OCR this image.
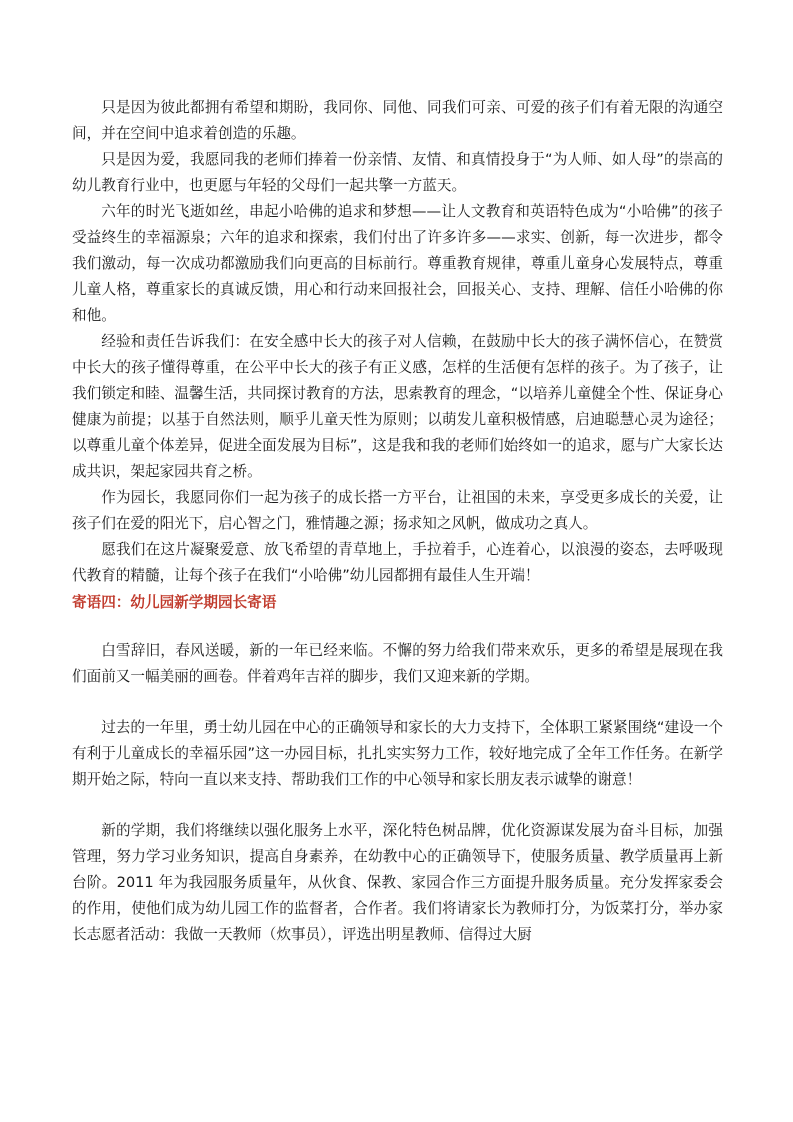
只是因为彼此都拥有希望和期盼，我同你、同他、同我们可亲、可爱的孩子们有着无限的沟通空间，并在空间中追求着创造的乐趣。

只是因为爱，我愿同我的老师们捧着一份亲情、友情、和真情投身于“为人师、如人母”的崇高的幼儿教育行业中，也更愿与年轻的父母们一起共擎一方蓝天。

六年的时光飞逝如丝，串起小哈佛的追求和梦想——让人文教育和英语特色成为“小哈佛”的孩子受益终生的幸福源泉；六年的追求和探索，我们付出了许多许多——求实、创新，每一次进步，都令我们激动，每一次成功都激励我们向更高的目标前行。尊重教育规律，尊重儿童身心发展特点，尊重儿童人格，尊重家长的真诚反馈，用心和行动来回报社会，回报关心、支持、理解、信任小哈佛的你和他。

经验和责任告诉我们：在安全感中长大的孩子对人信赖，在鼓励中长大的孩子满怀信心，在赞赏中长大的孩子懂得尊重，在公平中长大的孩子有正义感，怎样的生活便有怎样的孩子。为了孩子，让我们锁定和睦、温馨生活，共同探讨教育的方法，思索教育的理念，“以培养儿童健全个性、保证身心健康为前提；以基于自然法则，顺乎儿童天性为原则；以萌发儿童积极情感，启迪聪慧心灵为途径；以尊重儿童个体差异，促进全面发展为目标”，这是我和我的老师们始终如一的追求，愿与广大家长达成共识，架起家园共育之桥。

作为园长，我愿同你们一起为孩子的成长搭一方平台，让祖国的未来，享受更多成长的关爱，让孩子们在爱的阳光下，启心智之门，雅情趣之源；扬求知之风帆，做成功之真人。

愿我们在这片凝聚爱意、放飞希望的青草地上，手拉着手，心连着心，以浪漫的姿态，去呼吸现代教育的精髓，让每个孩子在我们“小哈佛”幼儿园都拥有最佳人生开端！

寄语四：幼儿园新学期园长寄语

白雪辞旧，春风送暖，新的一年已经来临。不懈的努力给我们带来欢乐，更多的希望是展现在我们面前又一幅美丽的画卷。伴着鸡年吉祥的脚步，我们又迎来新的学期。

过去的一年里，勇士幼儿园在中心的正确领导和家长的大力支持下，全体职工紧紧围绕“建设一个有利于儿童成长的幸福乐园”这一办园目标，扎扎实实努力工作，较好地完成了全年工作任务。在新学期开始之际，特向一直以来支持、帮助我们工作的中心领导和家长朋友表示诚挚的谢意！

新的学期，我们将继续以强化服务上水平，深化特色树品牌，优化资源谋发展为奋斗目标，加强管理，努力学习业务知识，提高自身素养，在幼教中心的正确领导下，使服务质量、教学质量再上新台阶。2011 年为我园服务质量年，从伙食、保教、家园合作三方面提升服务质量。充分发挥家委会的作用，使他们成为幼儿园工作的监督者，合作者。我们将请家长为教师打分，为饭菜打分，举办家长志愿者活动：我做一天教师（炊事员），评选出明星教师、信得过大厨
